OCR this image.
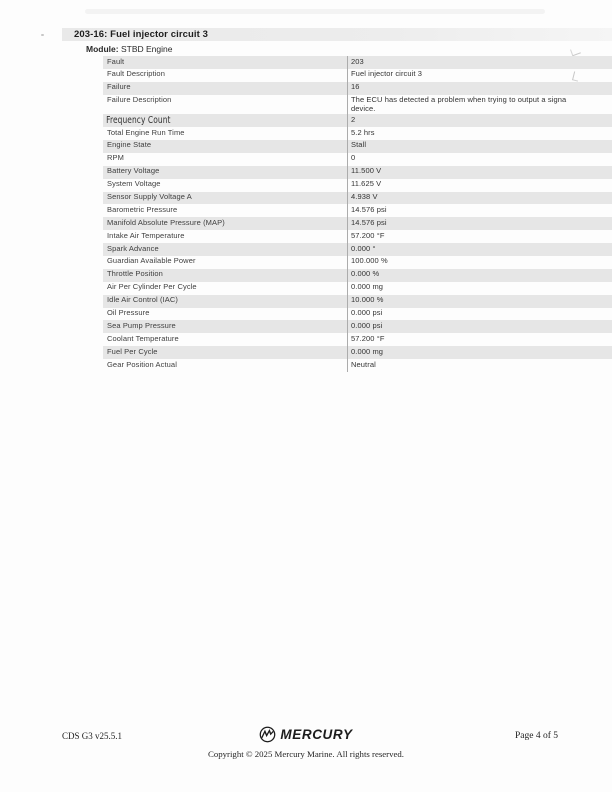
203-16: Fuel injector circuit 3
Module: STBD Engine
Fault	203
Fault Description	Fuel injector circuit 3
Failure	16
Failure Description	The ECU has detected a problem when trying to output a signa
device.
Frequency Count	2
Total Engine Run Time	5.2 hrs
Engine State	Stall
RPM	0
Battery Voltage	11.500 V
System Voltage	11.625 V
Sensor Supply Voltage A	4.938 V
Barometric Pressure	14.576 psi
Manifold Absolute Pressure (MAP)	14.576 psi
Intake Air Temperature	57.200 °F
Spark Advance	0.000 °
Guardian Available Power	100.000 %
Throttle Position	0.000 %
Air Per Cylinder Per Cycle	0.000 mg
Idle Air Control (IAC)	10.000 %
Oil Pressure	0.000 psi
Sea Pump Pressure	0.000 psi
Coolant Temperature	57.200 °F
Fuel Per Cycle	0.000 mg
Gear Position Actual	Neutral
CDS G3 v25.5.1	MERCURY	Page 4 of 5
Copyright © 2025 Mercury Marine. All rights reserved.
